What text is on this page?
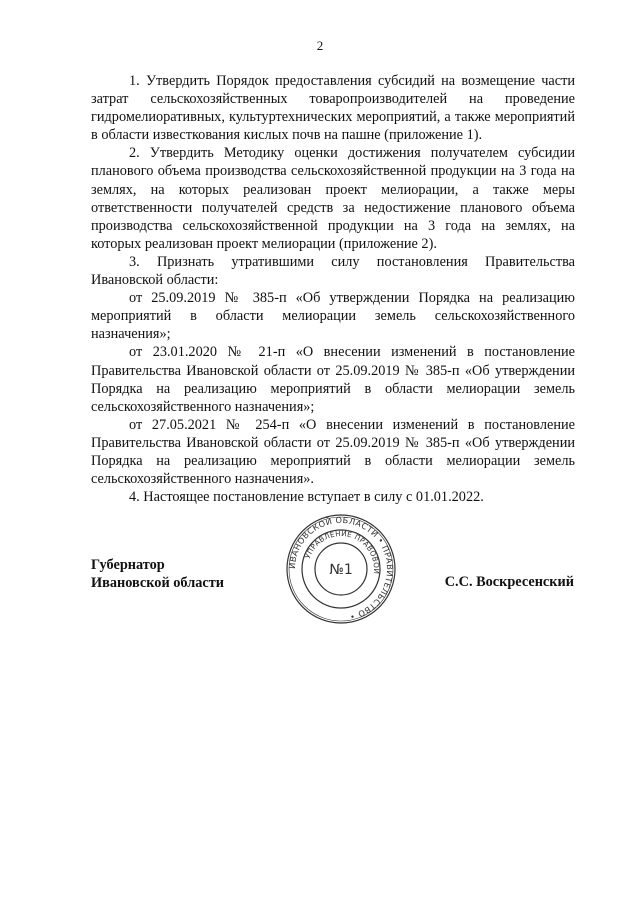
2

1. Утвердить Порядок предоставления субсидий на возмещение части затрат сельскохозяйственных товаропроизводителей на проведение гидромелиоративных, культуртехнических мероприятий, а также мероприятий в области известкования кислых почв на пашне (приложение 1).

2. Утвердить Методику оценки достижения получателем субсидии планового объема производства сельскохозяйственной продукции на 3 года на землях, на которых реализован проект мелиорации, а также меры ответственности получателей средств за недостижение планового объема производства сельскохозяйственной продукции на 3 года на землях, на которых реализован проект мелиорации (приложение 2).

3. Признать утратившими силу постановления Правительства Ивановской области:

от 25.09.2019 № 385-п «Об утверждении Порядка на реализацию мероприятий в области мелиорации земель сельскохозяйственного назначения»;

от 23.01.2020 № 21-п «О внесении изменений в постановление Правительства Ивановской области от 25.09.2019 № 385-п «Об утверждении Порядка на реализацию мероприятий в области мелиорации земель сельскохозяйственного назначения»;

от 27.05.2021 № 254-п «О внесении изменений в постановление Правительства Ивановской области от 25.09.2019 № 385-п «Об утверждении Порядка на реализацию мероприятий в области мелиорации земель сельскохозяйственного назначения».

4. Настоящее постановление вступает в силу с 01.01.2022.

Губернатор
Ивановской области
ИВАНОВСКОЙ ОБЛАСТИ • ПРАВИТЕЛЬСТВО •
УПРАВЛЕНИЕ ПРАВОВОЙ
№1
С.С. Воскресенский
